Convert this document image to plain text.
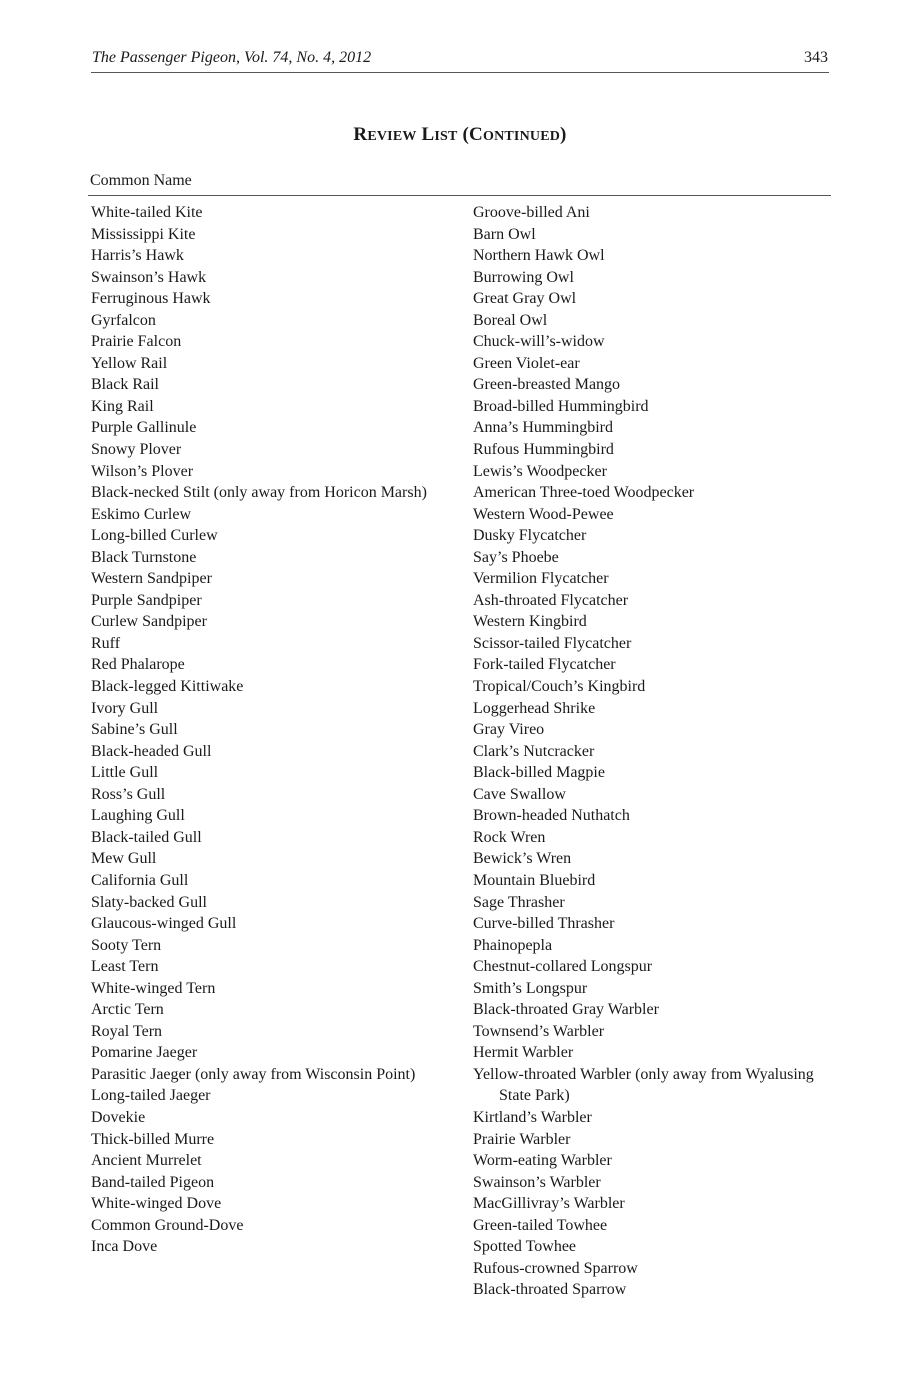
The Passenger Pigeon, Vol. 74, No. 4, 2012	343
REVIEW LIST (CONTINUED)
Common Name
White-tailed Kite
Mississippi Kite
Harris’s Hawk
Swainson’s Hawk
Ferruginous Hawk
Gyrfalcon
Prairie Falcon
Yellow Rail
Black Rail
King Rail
Purple Gallinule
Snowy Plover
Wilson’s Plover
Black-necked Stilt (only away from Horicon Marsh)
Eskimo Curlew
Long-billed Curlew
Black Turnstone
Western Sandpiper
Purple Sandpiper
Curlew Sandpiper
Ruff
Red Phalarope
Black-legged Kittiwake
Ivory Gull
Sabine’s Gull
Black-headed Gull
Little Gull
Ross’s Gull
Laughing Gull
Black-tailed Gull
Mew Gull
California Gull
Slaty-backed Gull
Glaucous-winged Gull
Sooty Tern
Least Tern
White-winged Tern
Arctic Tern
Royal Tern
Pomarine Jaeger
Parasitic Jaeger (only away from Wisconsin Point)
Long-tailed Jaeger
Dovekie
Thick-billed Murre
Ancient Murrelet
Band-tailed Pigeon
White-winged Dove
Common Ground-Dove
Inca Dove
Groove-billed Ani
Barn Owl
Northern Hawk Owl
Burrowing Owl
Great Gray Owl
Boreal Owl
Chuck-will’s-widow
Green Violet-ear
Green-breasted Mango
Broad-billed Hummingbird
Anna’s Hummingbird
Rufous Hummingbird
Lewis’s Woodpecker
American Three-toed Woodpecker
Western Wood-Pewee
Dusky Flycatcher
Say’s Phoebe
Vermilion Flycatcher
Ash-throated Flycatcher
Western Kingbird
Scissor-tailed Flycatcher
Fork-tailed Flycatcher
Tropical/Couch’s Kingbird
Loggerhead Shrike
Gray Vireo
Clark’s Nutcracker
Black-billed Magpie
Cave Swallow
Brown-headed Nuthatch
Rock Wren
Bewick’s Wren
Mountain Bluebird
Sage Thrasher
Curve-billed Thrasher
Phainopepla
Chestnut-collared Longspur
Smith’s Longspur
Black-throated Gray Warbler
Townsend’s Warbler
Hermit Warbler
Yellow-throated Warbler (only away from Wyalusing State Park)
Kirtland’s Warbler
Prairie Warbler
Worm-eating Warbler
Swainson’s Warbler
MacGillivray’s Warbler
Green-tailed Towhee
Spotted Towhee
Rufous-crowned Sparrow
Black-throated Sparrow
